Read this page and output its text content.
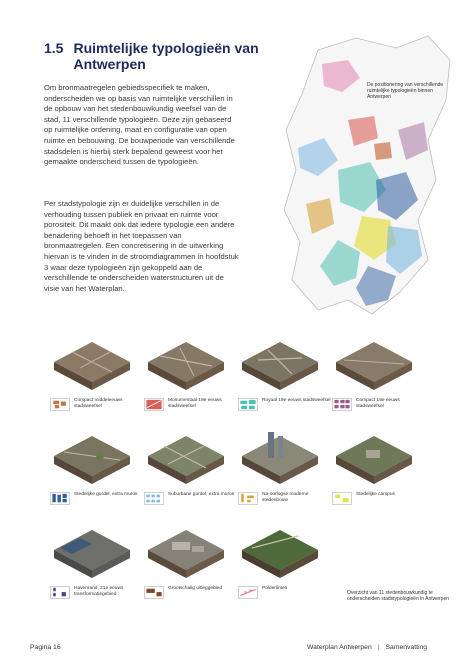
1.5 Ruimtelijke typologieën van Antwerpen

Om bronmaatregelen gebiedsspecifiek te maken, onderscheiden we op basis van ruimtelijke verschillen in de opbouw van het stedenbouwkundig weefsel van de stad, 11 verschillende typologieën. Deze zijn gebaseerd op ruimtelijke ordening, maat en configuratie van open ruimte en bebouwing. De bouwperiode van verschillende stadsdelen is hierbij sterk bepalend geweest voor het gemaakte onderscheid tussen de typologieën.

Per stadstypologie zijn er duidelijke verschillen in de verhouding tussen publiek en privaat en ruimte voor porositeit. Dit maakt ook dat iedere typologie een andere benadering behoeft in het toepassen van bronmaatregelen. Een concretisering in de uitwerking hiervan is te vinden in de stroomdiagrammen in hoofdstuk 3 waar deze typologieën zijn gekoppeld aan de verschillende te onderscheiden waterstructuren uit de visie van het Waterplan.

De positionering van verschillende ruimtelijke typologieën binnen Antwerpen
Compact middeleeuws stadsweefsel
Monumentaal 19e eeuws stadsweefsel
Royaal 19e eeuws stadsweefsel	Compact 19e eeuws stadsweefsel
Stedelijke gordel, extra muros	Suburbane gordel, extra muros	Na-oorlogse moderne stedenbouw
Stedelijke campus
Havenrand, 21e eeuws transformatiegebied
Grootschalig uitleggebied	Polderlinten
Overzicht van 11 stedenbouwkundig te onderscheiden stadstypologieën in Antwerpen
Pagina 16	Waterplan Antwerpen | Samenvatting
